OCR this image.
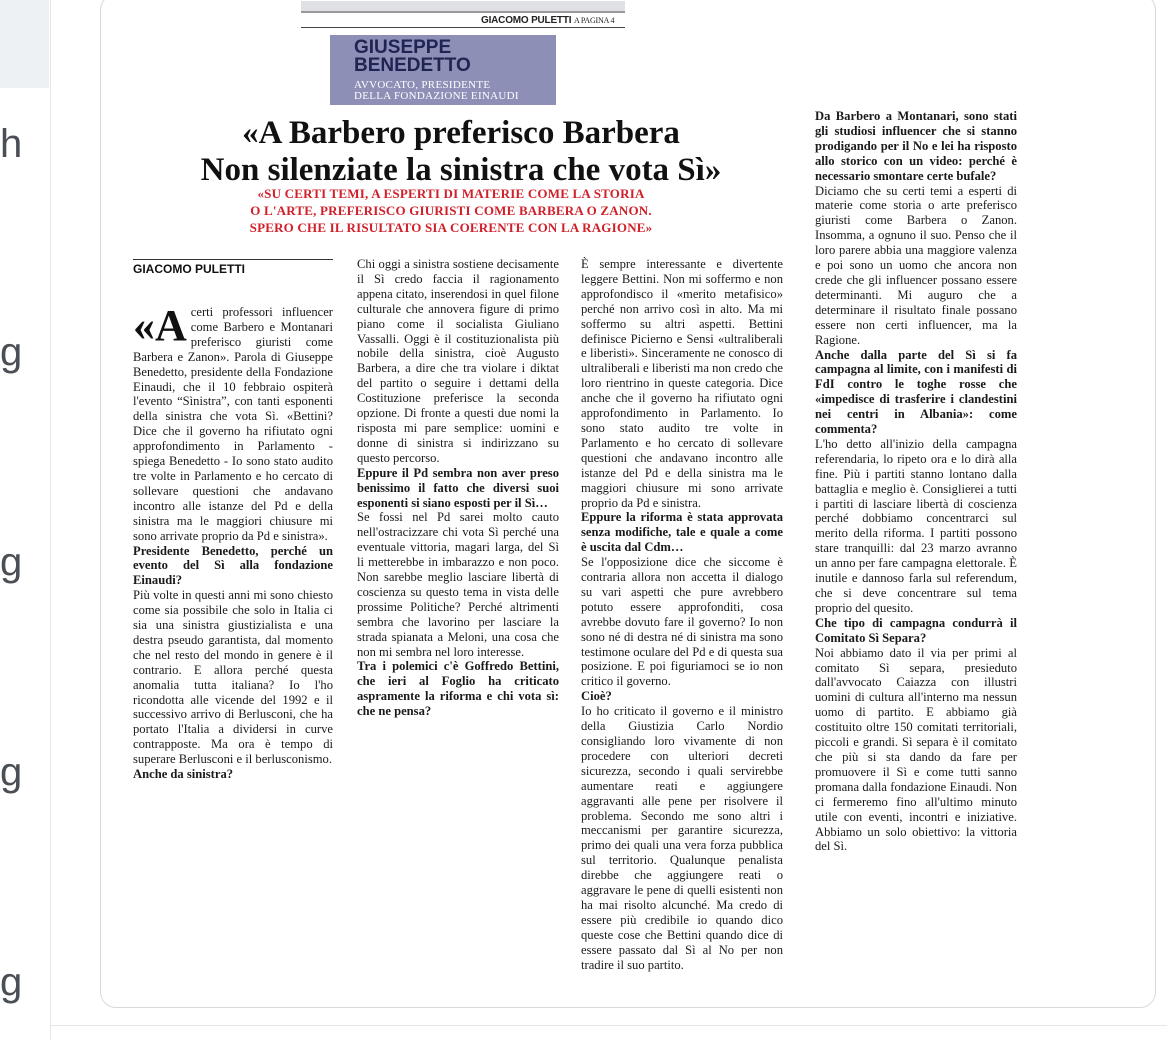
h
g
g
g
g
GIACOMO PULETTI A PAGINA 4
GIUSEPPE
BENEDETTO
AVVOCATO, PRESIDENTE
DELLA FONDAZIONE EINAUDI
«A Barbero preferisco Barbera
Non silenziate la sinistra che vota Sì»
«SU CERTI TEMI, A ESPERTI DI MATERIE COME LA STORIA
O L'ARTE, PREFERISCO GIURISTI COME BARBERA O ZANON.
SPERO CHE IL RISULTATO SIA COERENTE CON LA RAGIONE»
GIACOMO PULETTI

«Acerti professori influencer come Barbero e Montanari preferisco giuristi come Barbera e Zanon». Parola di Giuseppe Benedetto, presidente della Fondazione Einaudi, che il 10 febbraio ospiterà l'evento “Sìnistra”, con tanti esponenti della sinistra che vota Sì. «Bettini? Dice che il governo ha rifiutato ogni approfondimento in Parlamento - spiega Benedetto - Io sono stato audito tre volte in Parlamento e ho cercato di sollevare questioni che andavano incontro alle istanze del Pd e della sinistra ma le maggiori chiusure mi sono arrivate proprio da Pd e sinistra».

Presidente Benedetto, perché un evento del Sì alla fondazione Einaudi?

Più volte in questi anni mi sono chiesto come sia possibile che solo in Italia ci sia una sinistra giustizialista e una destra pseudo garantista, dal momento che nel resto del mondo in genere è il contrario. E allora perché questa anomalia tutta italiana? Io l'ho ricondotta alle vicende del 1992 e il successivo arrivo di Berlusconi, che ha portato l'Italia a dividersi in curve contrapposte. Ma ora è tempo di superare Berlusconi e il berlusconismo.

Anche da sinistra?

Chi oggi a sinistra sostiene decisamente il Sì credo faccia il ragionamento appena citato, inserendosi in quel filone culturale che annovera figure di primo piano come il socialista Giuliano Vassalli. Oggi è il costituzionalista più nobile della sinistra, cioè Augusto Barbera, a dire che tra violare i diktat del partito o seguire i dettami della Costituzione preferisce la seconda opzione. Di fronte a questi due nomi la risposta mi pare semplice: uomini e donne di sinistra si indirizzano su questo percorso.

Eppure il Pd sembra non aver preso benissimo il fatto che diversi suoi esponenti si siano esposti per il Sì…

Se fossi nel Pd sarei molto cauto nell'ostracizzare chi vota Sì perché una eventuale vittoria, magari larga, del Sì li metterebbe in imbarazzo e non poco. Non sarebbe meglio lasciare libertà di coscienza su questo tema in vista delle prossime Politiche? Perché altrimenti sembra che lavorino per lasciare la strada spianata a Meloni, una cosa che non mi sembra nel loro interesse.

Tra i polemici c'è Goffredo Bettini, che ieri al Foglio ha criticato aspramente la riforma e chi vota sì: che ne pensa?

È sempre interessante e divertente leggere Bettini. Non mi soffermo e non approfondisco il «merito metafisico» perché non arrivo così in alto. Ma mi soffermo su altri aspetti. Bettini definisce Picierno e Sensi «ultraliberali e liberisti». Sinceramente ne conosco di ultraliberali e liberisti ma non credo che loro rientrino in queste categoria. Dice anche che il governo ha rifiutato ogni approfondimento in Parlamento. Io sono stato audito tre volte in Parlamento e ho cercato di sollevare questioni che andavano incontro alle istanze del Pd e della sinistra ma le maggiori chiusure mi sono arrivate proprio da Pd e sinistra.

Eppure la riforma è stata approvata senza modifiche, tale e quale a come è uscita dal Cdm…

Se l'opposizione dice che siccome è contraria allora non accetta il dialogo su vari aspetti che pure avrebbero potuto essere approfonditi, cosa avrebbe dovuto fare il governo? Io non sono né di destra né di sinistra ma sono testimone oculare del Pd e di questa sua posizione. E poi figuriamoci se io non critico il governo.

Cioè?

Io ho criticato il governo e il ministro della Giustizia Carlo Nordio consigliando loro vivamente di non procedere con ulteriori decreti sicurezza, secondo i quali servirebbe aumentare reati e aggiungere aggravanti alle pene per risolvere il problema. Secondo me sono altri i meccanismi per garantire sicurezza, primo dei quali una vera forza pubblica sul territorio. Qualunque penalista direbbe che aggiungere reati o aggravare le pene di quelli esistenti non ha mai risolto alcunché. Ma credo di essere più credibile io quando dico queste cose che Bettini quando dice di essere passato dal Sì al No per non tradire il suo partito.

Da Barbero a Montanari, sono stati gli studiosi influencer che si stanno prodigando per il No e lei ha risposto allo storico con un video: perché è necessario smontare certe bufale?

Diciamo che su certi temi a esperti di materie come storia o arte preferisco giuristi come Barbera o Zanon. Insomma, a ognuno il suo. Penso che il loro parere abbia una maggiore valenza e poi sono un uomo che ancora non crede che gli influencer possano essere determinanti. Mi auguro che a determinare il risultato finale possano essere non certi influencer, ma la Ragione.

Anche dalla parte del Sì si fa campagna al limite, con i manifesti di FdI contro le toghe rosse che «impedisce di trasferire i clandestini nei centri in Albania»: come commenta?

L'ho detto all'inizio della campagna referendaria, lo ripeto ora e lo dirà alla fine. Più i partiti stanno lontano dalla battaglia e meglio è. Consiglierei a tutti i partiti di lasciare libertà di coscienza perché dobbiamo concentrarci sul merito della riforma. I partiti possono stare tranquilli: dal 23 marzo avranno un anno per fare campagna elettorale. È inutile e dannoso farla sul referendum, che si deve concentrare sul tema proprio del quesito.

Che tipo di campagna condurrà il Comitato Sì Separa?

Noi abbiamo dato il via per primi al comitato Sì separa, presieduto dall'avvocato Caiazza con illustri uomini di cultura all'interno ma nessun uomo di partito. E abbiamo già costituito oltre 150 comitati territoriali, piccoli e grandi. Sì separa è il comitato che più si sta dando da fare per promuovere il Sì e come tutti sanno promana dalla fondazione Einaudi. Non ci fermeremo fino all'ultimo minuto utile con eventi, incontri e iniziative. Abbiamo un solo obiettivo: la vittoria del Sì.
